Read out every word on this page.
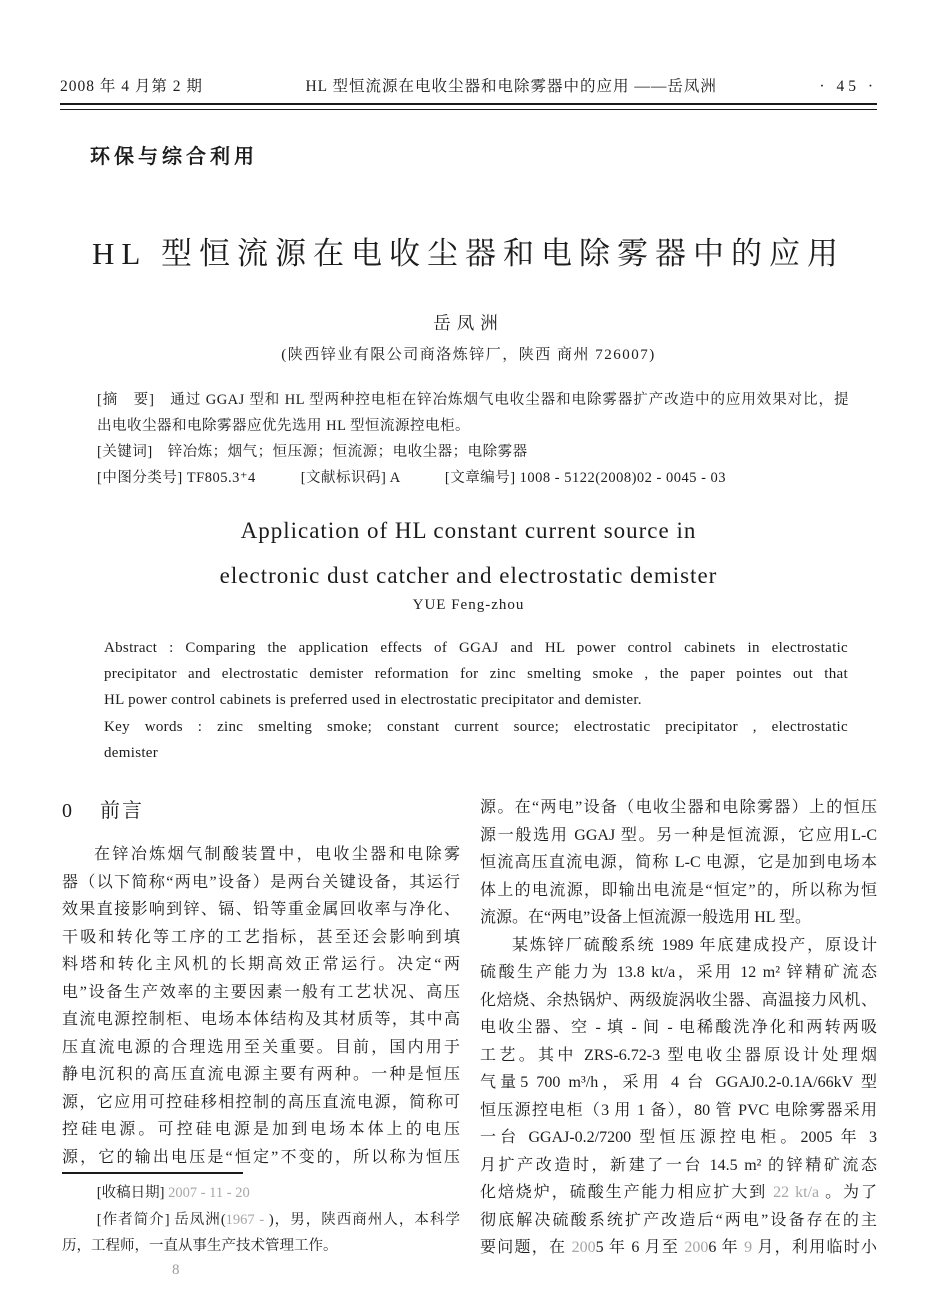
2008 年 4 月第 2 期	HL 型恒流源在电收尘器和电除雾器中的应用 ——岳凤洲	· 45 ·
环保与综合利用
HL 型恒流源在电收尘器和电除雾器中的应用
岳凤洲
(陕西锌业有限公司商洛炼锌厂，陕西 商州 726007)
[摘　要]　通过 GGAJ 型和 HL 型两种控电柜在锌冶炼烟气电收尘器和电除雾器扩产改造中的应用效果对比，提
出电收尘器和电除雾器应优先选用 HL 型恒流源控电柜。
[关键词]　锌冶炼；烟气；恒压源；恒流源；电收尘器；电除雾器
[中图分类号] TF805.3⁺4　　　[文献标识码] A　　　[文章编号] 1008 - 5122(2008)02 - 0045 - 03
Application of HL constant current source in
electronic dust catcher and electrostatic demister
YUE Feng-zhou
Abstract : Comparing the application effects of GGAJ and HL power control cabinets in electrostatic
precipitator and electrostatic demister reformation for zinc smelting smoke , the paper pointes out that
HL power control cabinets is preferred used in electrostatic precipitator and demister.
Key words : zinc smelting smoke; constant current source; electrostatic precipitator , electrostatic
demister
0 前言
在锌冶炼烟气制酸装置中，电收尘器和电除雾
器（以下简称“两电”设备）是两台关键设备，其运行
效果直接影响到锌、镉、铅等重金属回收率与净化、
干吸和转化等工序的工艺指标，甚至还会影响到填
料塔和转化主风机的长期高效正常运行。决定“两
电”设备生产效率的主要因素一般有工艺状况、高压
直流电源控制柜、电场本体结构及其材质等，其中高
压直流电源的合理选用至关重要。目前，国内用于
静电沉积的高压直流电源主要有两种。一种是恒压
源，它应用可控硅移相控制的高压直流电源，简称可
控硅电源。可控硅电源是加到电场本体上的电压
源，它的输出电压是“恒定”不变的，所以称为恒压
源。在“两电”设备（电收尘器和电除雾器）上的恒压
源一般选用 GGAJ 型。另一种是恒流源，它应用L-C
恒流高压直流电源，简称 L-C 电源，它是加到电场本
体上的电流源，即输出电流是“恒定”的，所以称为恒
流源。在“两电”设备上恒流源一般选用 HL 型。
某炼锌厂硫酸系统 1989 年底建成投产，原设计
硫酸生产能力为 13.8 kt/a，采用 12 m² 锌精矿流态
化焙烧、余热锅炉、两级旋涡收尘器、高温接力风机、
电收尘器、空 - 填 - 间 - 电稀酸洗净化和两转两吸
工艺。其中 ZRS-6.72-3 型电收尘器原设计处理烟
气量5 700 m³/h，采用 4 台 GGAJ0.2-0.1A/66kV 型
恒压源控电柜（3 用 1 备），80 管 PVC 电除雾器采用
一台 GGAJ-0.2/7200 型恒压源控电柜。2005 年 3
月扩产改造时，新建了一台 14.5 m² 的锌精矿流态
化焙烧炉，硫酸生产能力相应扩大到 22 kt/a 。为了
彻底解决硫酸系统扩产改造后“两电”设备存在的主
要问题，在 2005 年 6 月至 2006 年 9 月，利用临时小
[收稿日期] 2007 - 11 - 20
[作者简介] 岳凤洲(1967 - )，男，陕西商州人，本科学
历，工程师，一直从事生产技术管理工作。
8
